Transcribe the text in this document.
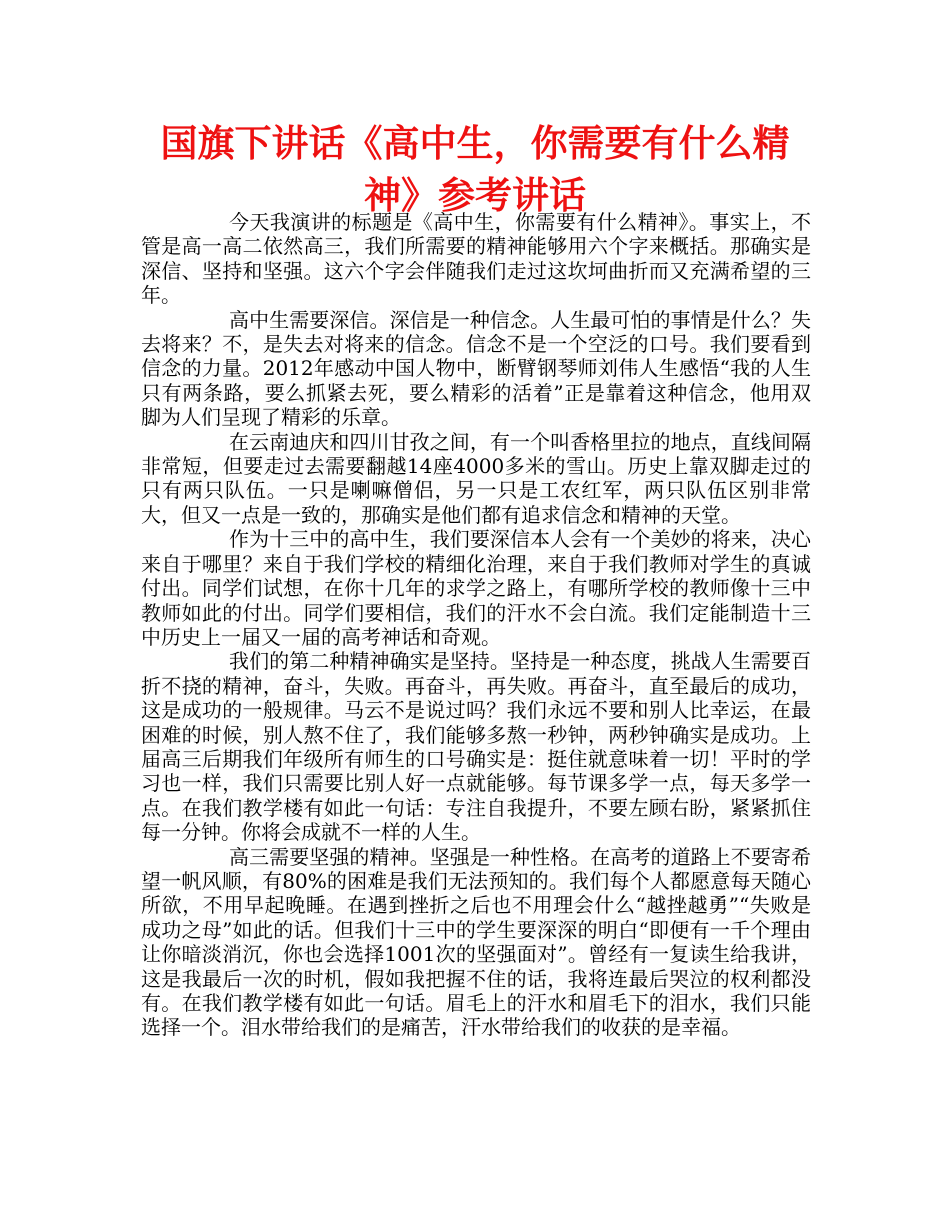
国旗下讲话《高中生，你需要有什么精神》参考讲话

今天我演讲的标题是《高中生，你需要有什么精神》。事实上，不管是高一高二依然高三，我们所需要的精神能够用六个字来概括。那确实是深信、坚持和坚强。这六个字会伴随我们走过这坎坷曲折而又充满希望的三年。

高中生需要深信。深信是一种信念。人生最可怕的事情是什么？失去将来？不，是失去对将来的信念。信念不是一个空泛的口号。我们要看到信念的力量。2012年感动中国人物中，断臂钢琴师刘伟人生感悟“我的人生只有两条路，要么抓紧去死，要么精彩的活着”正是靠着这种信念，他用双脚为人们呈现了精彩的乐章。

在云南迪庆和四川甘孜之间，有一个叫香格里拉的地点，直线间隔非常短，但要走过去需要翻越14座4000多米的雪山。历史上靠双脚走过的只有两只队伍。一只是喇嘛僧侣，另一只是工农红军，两只队伍区别非常大，但又一点是一致的，那确实是他们都有追求信念和精神的天堂。

作为十三中的高中生，我们要深信本人会有一个美妙的将来，决心来自于哪里？来自于我们学校的精细化治理，来自于我们教师对学生的真诚付出。同学们试想，在你十几年的求学之路上，有哪所学校的教师像十三中教师如此的付出。同学们要相信，我们的汗水不会白流。我们定能制造十三中历史上一届又一届的高考神话和奇观。

我们的第二种精神确实是坚持。坚持是一种态度，挑战人生需要百折不挠的精神，奋斗，失败。再奋斗，再失败。再奋斗，直至最后的成功，这是成功的一般规律。马云不是说过吗？我们永远不要和别人比幸运，在最困难的时候，别人熬不住了，我们能够多熬一秒钟，两秒钟确实是成功。上届高三后期我们年级所有师生的口号确实是：挺住就意味着一切！平时的学习也一样，我们只需要比别人好一点就能够。每节课多学一点，每天多学一点。在我们教学楼有如此一句话：专注自我提升，不要左顾右盼，紧紧抓住每一分钟。你将会成就不一样的人生。

高三需要坚强的精神。坚强是一种性格。在高考的道路上不要寄希望一帆风顺，有80%的困难是我们无法预知的。我们每个人都愿意每天随心所欲，不用早起晚睡。在遇到挫折之后也不用理会什么“越挫越勇”“失败是成功之母”如此的话。但我们十三中的学生要深深的明白“即便有一千个理由让你暗淡消沉，你也会选择1001次的坚强面对”。曾经有一复读生给我讲，这是我最后一次的时机，假如我把握不住的话，我将连最后哭泣的权利都没有。在我们教学楼有如此一句话。眉毛上的汗水和眉毛下的泪水，我们只能选择一个。泪水带给我们的是痛苦，汗水带给我们的收获的是幸福。
